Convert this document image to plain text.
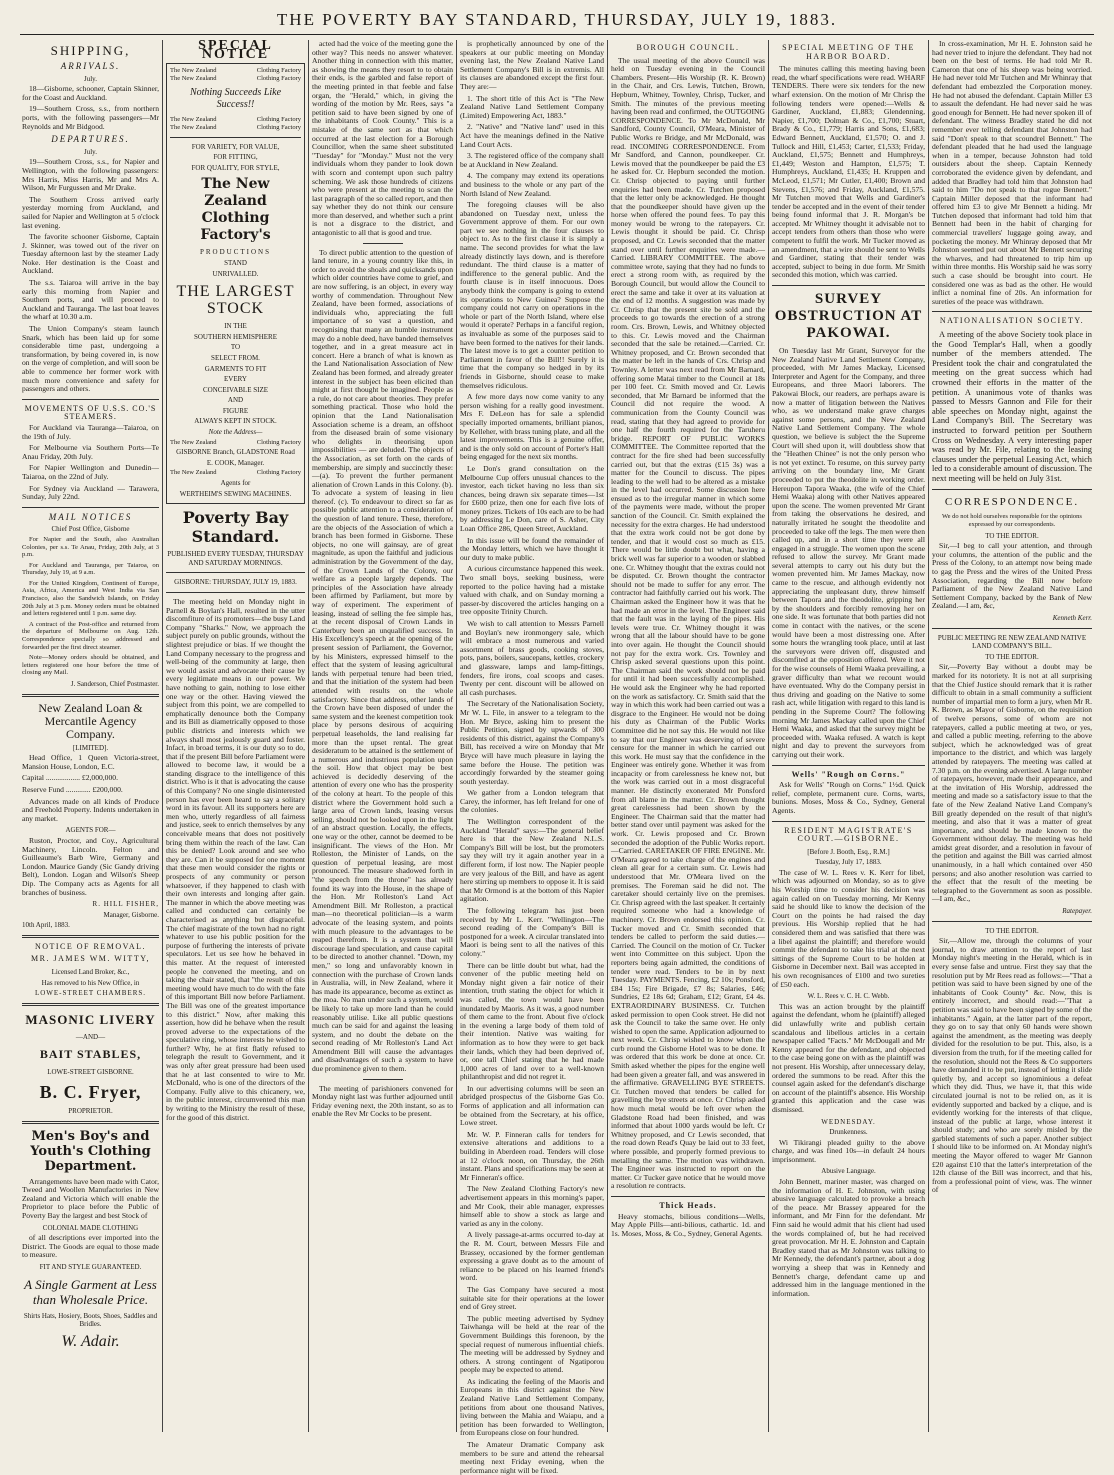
THE POVERTY BAY STANDARD, THURSDAY, JULY 19, 1883.
SHIPPING,
ARRIVALS.
July.

18—Gisborne, schooner, Captain Skinner, for the Coast and Auckland.

19—Southern Cross, s.s., from northern ports, with the following passengers—Mr Reynolds and Mr Bidgood.

DEPARTURES.
July.

19—Southern Cross, s.s., for Napier and Wellington, with the following passengers: Mrs Harris, Miss Harris, Mr and Mrs A. Wilson, Mr Furgussen and Mr Drake.

The Southern Cross arrived early yesterday morning from Auckland, and sailed for Napier and Wellington at 5 o'clock last evening.

The favorite schooner Gisborne, Captain J. Skinner, was towed out of the river on Tuesday afternoon last by the steamer Lady Noke. Her destination is the Coast and Auckland.

The s.s. Taiaroa will arrive in the bay early this morning from Napier and Southern ports, and will proceed to Auckland and Tauranga. The last boat leaves the wharf at 10.30 a.m.

The Union Company's steam launch Snark, which has been laid up for some considerable time past, undergoing a transformation, by being covered in, is now on the verge of completion, and will soon be able to commence her former work with much more convenience and safety for passengers and others.

MOVEMENTS OF U.S.S. CO.'S STEAMERS.

For Auckland via Tauranga—Taiaroa, on the 19th of July.

For Melbourne via Southern Ports—Te Anau Friday, 20th July.

For Napier Wellington and Dunedin—Taiaroa, on the 22nd of July.

For Sydney via Auckland — Tarawera, Sunday, July 22nd.

MAIL NOTICES
Chief Post Office, Gisborne

For Napier and the South, also Australian Colonies, per s.s. Te Anau, Friday, 20th July, at 3 p.m.

For Auckland and Tauranga, per Taiaroa, on Thursday, July 19, at 9 a.m.

For the United Kingdom, Continent of Europe, Asia, Africa, America and West India via San Francisco, also the Sandwich Islands, on Friday 20th July at 3 p.m. Money orders must be obtained and letters registered until 1 p.m. same day.

A contract of the Post-office and returned from the departure of Melbourne on Aug. 12th. Correspondence specially so addressed and forwarded per the first direct steamer.

Note—Money orders should be obtained, and letters registered one hour before the time of closing any Mail.

J. Sanderson, Chief Postmaster.
New Zealand Loan & Mercantile Agency Company.
[LIMITED].

Head Office, 1 Queen Victoria-street, Mansion House, London, E.C.

Capital .................. £2,000,000.

Reserve Fund ............. £200,000.

Advances made on all kinds of Produce and Freehold Property. Indents undertaken in any market.

AGENTS FOR—

Ruston, Proctor, and Coy., Agricultural Machinery, Lincoln. Felton and Guilleaume's Barb Wire, Germany and London. Maurice Gandy (Sic Gandy driving Belt), London. Logan and Wilson's Sheep Dip. The Company acts as Agents for all branches of business.

R. HILL FISHER,
Manager, Gisborne.
10th April, 1883.
NOTICE OF REMOVAL.
MR. JAMES WM. WITTY,
Licensed Land Broker, &c.,
Has removed to his New Office, in
LOWE-STREET CHAMBERS.
MASONIC LIVERY
—AND—
BAIT STABLES,
LOWE-STREET GISBORNE.
B. C. Fryer,
PROPRIETOR.
Men's Boy's and Youth's Clothing Department.

Arrangements have been made with Cator, Tweed and Woollen Manufactories in New Zealand and Victoria which will enable the Proprietor to place before the Public of Poverty Bay the largest and best Stock of

COLONIAL MADE CLOTHING

of all descriptions ever imported into the District. The Goods are equal to those made to measure.

FIT AND STYLE GUARANTEED.
A Single Garment at Less than Wholesale Price.
Shirts Hats, Hosiery, Boots, Shoes, Saddles and Bridles.
W. Adair.
SPECIAL NOTICE
The New Zealand	Clothing Factory
The New Zealand	Clothing Factory
Nothing Succeeds Like Success!!
The New Zealand	Clothing Factory
The New Zealand	Clothing Factory
FOR VARIETY, FOR VALUE,
FOR FITTING,
FOR QUALITY, FOR STYLE,
The New Zealand Clothing Factory's
PRODUCTIONS
STAND
UNRIVALLED.
THE LARGEST STOCK
IN THE
SOUTHERN HEMISPHERE
TO
SELECT FROM.
GARMENTS TO FIT
EVERY
CONCEIVABLE SIZE
AND
FIGURE
ALWAYS KEPT IN STOCK.
Note the Address—
The New Zealand	Clothing Factory
GISBORNE Branch, GLADSTONE Road
E. COOK, Manager.
The New Zealand	Clothing Factory
Agents for
WERTHEIM'S SEWING MACHINES.
Poverty Bay Standard.
PUBLISHED EVERY TUESDAY, THURSDAY AND SATURDAY MORNINGS.
GISBORNE: THURSDAY, JULY 19, 1883.

The meeting held on Monday night in Parnell & Boylan's Hall, resulted in the utter discomfiture of its promoters—the busy Land Company "Sharks." Now, we approach the subject purely on public grounds, without the slightest prejudice or bias. If we thought the Land Company necessary to the progress and well-being of the community at large, then we would assist and advocate their cause by every legitimate means in our power. We have nothing to gain, nothing to lose either one way or the other. Having viewed the subject from this point, we are compelled to emphatically denounce both the Company and its Bill as diametrically opposed to those public districts and interests which we always shall most jealously guard and foster. Infact, in broad terms, it is our duty so to do, that if the present Bill before Parliament were allowed to become law, it would be a standing disgrace to the intelligence of this district. Who is it that is advocating the cause of this Company? No one single disinterested person has ever been heard to say a solitary word in its favour. All its supporters here are men who, utterly regardless of all fairness and justice, seek to enrich themselves by any conceivable means that does not positively bring them within the reach of the law. Can this be denied? Look around and see who they are. Can it be supposed for one moment that these men would consider the rights or prospects of any community or person whatsoever, if they happened to clash with their own interests and longing after gain. The manner in which the above meeting was called and conducted can certainly be characterised as anything but disgraceful. The chief magistrate of the town had no right whatever to use his public position for the purpose of furthering the interests of private speculators. Let us see how he behaved in this matter. At the request of interested people he convened the meeting, and on taking the chair stated, that "the result of this meeting would have much to do with the fate of this important Bill now before Parliament. The Bill was one of the greatest importance to this district." Now, after making this assertion, how did he behave when the result proved adverse to the expectations of the speculative ring, whose interests he wished to further? Why, he at first flatly refused to telegraph the result to Government, and it was only after great pressure had been used that he at last consented to wire to Mr. McDonald, who is one of the directors of the Company. Fully alive to this chicanery, we, in the public interest, circumvented this man by writing to the Ministry the result of these, for the good of this district.

acted had the voice of the meeting gone the other way? This needs no answer whatever. Another thing in connection with this matter, as showing the means they resort to to obtain their ends, is the garbled and false report of the meeting printed in that feeble and false organ, the "Herald," which, in giving the wording of the motion by Mr. Rees, says "a petition said to have been signed by one of the inhabitants of Cook County." This is a mistake of the same sort as that which occurred at the last election for a Borough Councillor, when the same sheet substituted "Tuesday" for "Monday." Must not the very individuals whom they pander to look down with scorn and contempt upon such paltry scheming. We ask those hundreds of citizens who were present at the meeting to scan the last paragraph of the so called report, and then say whether they do not think our censure more than deserved, and whether such a print is not a disgrace to the district, and antagonistic to all that is good and true.

To direct public attention to the question of land tenure, in a young country like this, in order to avoid the shoals and quicksands upon which older countries have come to grief, and are now suffering, is an object, in every way worthy of commendation. Throughout New Zealand, have been formed, associations of individuals who, appreciating the full importance of so vast a question, and recognising that many an humble instrument may do a noble deed, have banded themselves together, and in a great measure act in concert. Here a branch of what is known as the Land Nationalisation Association of New Zealand has been formed, and already greater interest in the subject has been elicited than might at first thought be imagined. People as a rule, do not care about theories. They prefer something practical. Those who hold the opinion that the Land Nationalisation Association scheme is a dream, an offshoot from the diseased brain of some visionary who delights in theorising upon impossibilities — are deluded. The objects of the Association, as set forth on the cards of membership, are simply and succinctly these:—(a). To prevent the further permanent alienation of Crown Lands in this Colony. (b). To advocate a system of leasing in lieu thereof. (c). To endeavour to direct so far as possible public attention to a consideration of the question of land tenure. These, therefore, are the objects of the Association of which a branch has been formed in Gisborne. These objects, no one will gainsay, are of great magnitude, as upon the faithful and judicious administration by the Government of the day, of the Crown Lands of the Colony, our welfare as a people largely depends. The principles of the Association have already been affirmed by Parliament, but more by way of experiment. The experiment of leasing, instead of selling the fee simple has, at the recent disposal of Crown Lands in Canterbury been an unqualified success. In His Excellency's speech at the opening of the present session of Parliament, the Governor, by his Ministers, expressed himself to the effect that the system of leasing agricultural lands with perpetual tenure had been tried, and that the initiation of the system had been attended with results on the whole satisfactory. Since that address, other lands of the Crown have been disposed of under the same system and the keenest competition took place by persons desirous of acquiring perpetual leaseholds, the land realising far more than the upset rental. The great desideratum to be attained is the settlement of a numerous and industrious population upon the soil. How that object may be best achieved is decidedly deserving of the attention of every one who has the prosperity of the colony at heart. To the people of this district where the Government hold such a large area of Crown lands, leasing versus selling, should not be looked upon in the light of an abstract question. Locally, the effects, one way or the other, cannot be deemed to be insignificant. The views of the Hon. Mr Rolleston, the Minister of Lands, on the question of perpetual leasing, are most pronounced. The measure shadowed forth in "the speech from the throne" has already found its way into the House, in the shape of the Hon. Mr Rolleston's Land Act Amendment Bill. Mr Rolleston, a practical man—no theoretical politician—is a warm advocate of the leasing system, and points with much pleasure to the advantages to be reaped therefrom. It is a system that will discourage land speculation, and cause capital to be directed to another channel. "Down, my men," so long and unfavorably known in connection with the purchase of Crown lands in Australia, will, in New Zealand, where it has made its appearance, become as extinct as the moa. No man under such a system, would be likely to take up more land than he could reasonably utilise. Like all public questions much can be said for and against the leasing system, and no doubt the debate on the second reading of Mr Rolleston's Land Act Amendment Bill will cause the advantages and disadvantages of such a system to have due prominence given to them.

The meeting of parishioners convened for Monday night last was further adjourned until Friday evening next, the 20th instant, so as to enable the Rev Mr Cocks to be present.

is prophetically announced by one of the speakers at our public meeting on Monday evening last, the New Zealand Native Land Settlement Company's Bill is in extremis. All its clauses are abandoned except the first four. They are:—

1. The short title of this Act is "The New Zealand Native Land Settlement Company (Limited) Empowering Act, 1883."

2. "Native" and "Native land" used in this Act have the meanings defined in the Native Land Court Acts.

3. The registered office of the company shall be at Auckland in New Zealand.

4. The company may extend its operations and business to the whole or any part of the North Island of New Zealand.

The foregoing clauses will be also abandoned on Tuesday next, unless the Government approve of them. For our own part we see nothing in the four clauses to object to. As to the first clause it is simply a name. The second provides for what the law already distinctly lays down, and is therefore redundant. The third clause is a matter of indifference to the general public. And the fourth clause is in itself innocuous. Does anybody think the company is going to extend its operations to New Guinea? Suppose the company could not carry on operations in the whole or part of the North Island, where else would it operate? Perhaps in a fanciful region, as invaluable as some of the purposes said to have been formed to the natives for their lands. The latest move is to get a counter petition to Parliament in favor of the Bill!! Surely it is time that the company so hedged in by its friends in Gisborne, should cease to make themselves ridiculous.

A few more days now come vanity to any person wishing for a really good investment. Mrs F. DeLeon has for sale a splendid specially imported ornaments, brilliant pianos, by Kelleher, with brass tuning plate, and all the latest improvements. This is a genuine offer, and is the only sold on account of Porter's Hall being engaged for the next six months.

Le Don's grand consultation on the Melbourne Cup offers unusual chances to the investor, each ticket having no less than six chances, being drawn six separate times—1st for £600 prize, then one for each five lots of money prizes. Tickets of 10s each are to be had by addressing Le Don, care of S. Asher, City Loan Office 286, Queen Street, Auckland.

In this issue will be found the remainder of the Monday letters, which we have thought it our duty to make public.

A curious circumstance happened this week. Two small boys, seeking business, were reported to the police having had a mistake valued with chalk, and on Sunday morning a passer-by discovered the articles hanging on a tree opposite Trinity Church.

We wish to call attention to Messrs Parnell and Boylan's new ironmongery sale, which will embrace a most numerous and varied assortment of brass goods, cooking stoves, pots, pans, boilers, saucepans, kettles, crockery and glassware, lamps and lamp-fittings, fenders, fire irons, coal scoops and cases. Twenty per cent. discount will be allowed on all cash purchases.

The Secretary of the Nationalisation Society, Mr W. L. File, in answer to a telegram to the Hon. Mr Bryce, asking him to present the Public Petition, signed by upwards of 300 residents of this district, against the Company's Bill, has received a wire on Monday that Mr Bryce will have much pleasure in laying the same before the House. The petition was accordingly forwarded by the steamer going south yesterday.

We gather from a London telegram that Carey, the informer, has left Ireland for one of the colonies.

The Wellington correspondent of the Auckland "Herald" says:—The general belief here is that the New Zealand N.L.S. Company's Bill will be lost, but the promoters say they will try it again another year in a different form, if lost now. The Napier people are very jealous of the Bill, and have as agent here stirring up members to oppose it. It is said that Mr Ormond is at the bottom of this Napier agitation.

The following telegram has just been received by Mr L. Kerr. "Wellington—The second reading of the Company's Bill is postponed for a week. A circular translated into Maori is being sent to all the natives of this colony."

There can be little doubt but what, had the convener of the public meeting held on Monday night given a fair notice of their intention, truth stating the object for which it was called, the town would have been inundated by Maoris. As it was, a good number of them came to the front. About five o'clock in the evening a large body of them told of their intention. Native was waiting for information as to how they were to get back their lands, which they had been deprived of, or, one tall Chief stating that he had made 1,000 acres of land over to a well-known philanthropist and did not regret it.

In our advertising columns will be seen an abridged prospectus of the Gisborne Gas Co. Forms of application and all information can be obtained from the Secretary, at his office, Lowe street.

Mr. W. P. Finneran calls for tenders for extensive alterations and additions to a building in Aberdeen road. Tenders will close at 12 o'clock noon, on Thursday, the 26th instant. Plans and specifications may be seen at Mr Finneran's office.

The New Zealand Clothing Factory's new advertisement appears in this morning's paper, and Mr Cook, their able manager, expresses himself able to show a stock as large and varied as any in the colony.

A lively passage-at-arms occurred to-day at the R. M. Court, between Messrs File and Brassey, occasioned by the former gentleman expressing a grave doubt as to the amount of reliance to be placed on his learned friend's word.

The Gas Company have secured a most suitable site for their operations at the lower end of Grey street.

The public meeting advertised by Sydney Taiwhanga will be held at the rear of the Government Buildings this forenoon, by the special request of numerous influential chiefs. The meeting will be addressed by Sydney and others. A strong contingent of Ngatiporou people may be expected to attend.

As indicating the feeling of the Maoris and Europeans in this district against the New Zealand Native Land Settlement Company, petitions from about one thousand Natives, living between the Mahia and Waiapu, and a petition has been forwarded to Wellington, from Europeans close on four hundred.

The Amateur Dramatic Company ask members to be sure and attend the rehearsal meeting next Friday evening, when the performance night will be fixed.

BOROUGH COUNCIL.

The usual meeting of the above Council was held on Tuesday evening in the Council Chambers. Present—His Worship (R. K. Brown) in the Chair, and Crs. Lewis, Tutchen, Brown, Hepburn, Whitney, Townley, Chrisp, Tucker, and Smith. The minutes of the previous meeting having been read and confirmed, the OUTGOING CORRESPONDENCE. To Mr McDonald, Mr Sandford, County Council, O'Meara, Minister of Public Works re Bridge, and Mr McDonald, was read. INCOMING CORRESPONDENCE. From Mr Sandford, and Cannon, poundkeeper. Cr. Lewis moved that the poundkeeper be paid the £3 he asked for. Cr. Hepburn seconded the motion. Cr. Chrisp objected to paying until further enquiries had been made. Cr. Tutchen proposed that the letter only be acknowledged. He thought that the poundkeeper should have given up the horse when offered the pound fees. To pay this money would be wrong to the ratepayers. Cr. Lewis thought it should be paid. Cr. Chrisp proposed, and Cr. Lewis seconded that the matter stand over until further enquiries were made.—Carried. LIBRARY COMMITTEE. The above committee wrote, saying that they had no funds to erect a strong room with, as required by the Borough Council, but would allow the Council to erect the same and take it over at its valuation at the end of 12 months. A suggestion was made by Cr. Chrisp that the present site be sold and the proceeds to go towards the erection of a strong room. Crs. Brown, Lewis, and Whitney objected to this. Cr. Lewis moved and the Chairman seconded that the sale be retained.—Carried. Cr. Whitney proposed, and Cr. Brown seconded that the matter be left in the hands of Crs. Chrisp and Townley. A letter was next read from Mr Barnard, offering some Matai timber to the Council at 18s per 100 feet. Cr. Smith moved and Cr. Lewis seconded, that Mr Barnard be informed that the Council did not require the wood. A communication from the County Council was read, stating that they had agreed to provide for one half the fourth required for the Taruheru bridge. REPORT OF PUBLIC WORKS COMMITTEE. The Committee reported that the contract for the fire shed had been successfully carried out, but that the extras (£15 3s) was a matter for the Council to discuss. The pipes leading to the well had to be altered as a mistake in the level had occurred. Some discussion here ensued as to the irregular manner in which some of the payments were made, without the proper sanction of the Council. Cr. Smith explained the necessity for the extra charges. He had understood that the extra work could not be got done by tender, and that it would cost so much as £15. There would be little doubt but what, having a brick well was far superior to a wooden or slabbed one. Cr. Whitney thought that the extras could not be disputed. Cr. Brown thought the contractor should not be made to suffer for any error. The contractor had faithfully carried out his work. The Chairman asked the Engineer how it was that he had made an error in the level. The Engineer said that the fault was in the laying of the pipes. His levels were true. Cr. Whitney thought it was wrong that all the labour should have to be gone into over again. He thought the Council should not pay for the extra work. Crs. Townley and Chrisp asked several questions upon this point. The Chairman said the work should not be paid for until it had been successfully accomplished. He would ask the Engineer why he had reported on the work as satisfactory. Cr. Smith said that the way in which this work had been carried out was a disgrace to the Engineer. He would not be doing his duty as Chairman of the Public Works Committee did he not say this. He would not like to say that our Engineer was deserving of severe censure for the manner in which he carried out this work. He must say that the confidence in the Engineer was entirely gone. Whether it was from incapacity or from carelessness he knew not, but the work was carried out in a most disgraceful manner. He distinctly exonerated Mr Ponsford from all blame in the matter. Cr. Brown thought great carelessness had been shown by the Engineer. The Chairman said that the matter had better stand over until payment was asked for the work. Cr. Lewis proposed and Cr. Brown seconded the adoption of the Public Works report.—Carried. CARETAKER OF FIRE ENGINE. Mr. O'Meara agreed to take charge of the engines and clean all gear for a certain sum. Cr. Lewis had understood that Mr. O'Meara lived on the premises. The Foreman said he did not. The caretaker should certainly live on the premises. Cr. Chrisp agreed with the last speaker. It certainly required someone who had a knowledge of machinery. Cr. Brown endorsed this opinion. Cr. Tucker moved and Cr. Smith seconded that tenders be called to perform the said duties.—Carried. The Council on the motion of Cr. Tucker went into Committee on this subject. Upon the reporters being again admitted, the conditions of tender were read. Tenders to be in by next Tuesday. PAYMENTS. Fencing, £2 10s; Ponsford, £84 15s; Fire Brigade, £7 8s; Salaries, £46; Sundries, £2 18s 6d; Graham, £12; Grant, £4 4s. EXTRAORDINARY BUSINESS. Cr. Tutchen asked permission to open Cook street. He did not ask the Council to take the same over. He only wished to open the same. Application adjourned to next week. Cr. Chrisp wished to know when the curb round the Gisborne Hotel was to be done. It was ordered that this work be done at once. Cr. Smith asked whether the pipes for the engine well had been given a greater fall, and was answered in the affirmative. GRAVELLING BYE STREETS. Cr. Tutchen moved that tenders be called for gravelling the bye streets at once. Cr Chrisp asked how much metal would be left over when the Gladstone Road had been finished, and was informed that about 1000 yards would be left. Cr Whitney proposed, and Cr Lewis seconded, that the road down Read's Quay be laid out to 33 feet, where possible, and properly formed previous to metalling the same. The motion was withdrawn. The Engineer was instructed to report on the matter. Cr Tucker gave notice that he would move a resolution re contracts.

Thick Heads.

Heavy stomachs, bilious conditions—Wells, May Apple Pills—anti-bilious, cathartic. 1d. and 1s. Moses, Moss, & Co., Sydney, General Agents.

SPECIAL MEETING OF THE HARBOR BOARD.

The minutes calling this meeting having been read, the wharf specifications were read. WHARF TENDERS. There were six tenders for the new wharf extension. On the motion of Mr Chrisp the following tenders were opened:—Wells & Gardiner, Auckland, £1,883; Glendenning, Napier, £1,700; Dolman & Co., £1,700; Stuart, Brady & Co., £1,779; Harris and Sons, £1,683; Edward Bennett, Auckland, £1,570; O. and J. Tullock and Hill, £1,453; Carter, £1,533; Friday, Auckland, £1,575; Bennett and Humphreys, £1,449; Weston and Hampton, £1,575; T. Humphreys, Auckland, £1,435; H. Kruppen and McLeod, £1,571; Mr Cutler, £1,400; Brown and Stevens, £1,576; and Friday, Auckland, £1,575. Mr Tutchen moved that Wells and Gardiner's tender be accepted and in the event of their tender being found informal that J. R. Morgan's be accepted. Mr Whitney thought it advisable not to accept tenders from others than those who were competent to fulfil the work. Mr Tucker moved as an amendment, that a wire should be sent to Wells and Gardiner, stating that their tender was accepted, subject to being in due form. Mr Smith seconded this motion, which was carried.

SURVEY OBSTRUCTION AT PAKOWAI.

On Tuesday last Mr Grant, Surveyor for the New Zealand Native Land Settlement Company, proceeded, with Mr James Mackay, Licensed Interpreter and Agent for the Company, and three Europeans, and three Maori laborers. The Pakowai Block, our readers, are perhaps aware is now a matter of litigation between the Natives who, as we understand make grave charges against some persons, and the New Zealand Native Land Settlement Company. The whole question, we believe is subject the the Supreme Court will shed upon it, will doubtless show that the "Heathen Chinee" is not the only person who is not yet extinct. To resume, on this survey party arriving on the boundary line, Mr Grant proceeded to put the theodolite in working order. Hereupon Tapora Waaka, (the wife of the Chief Hemi Waaka) along with other Natives appeared upon the scene. The women prevented Mr Grant from taking the observations he desired, and naturally irritated he sought the theodolite and proceeded to take off the legs. The men were then called up, and in a short time they were all engaged in a struggle. The women upon the scene refused to allow the survey. Mr Grant made several attempts to carry out his duty but the women prevented him. Mr James Mackay, now came to the rescue, and although evidently not appreciating the unpleasant duty, threw himself between Tapora and the theodolite, gripping her by the shoulders and forcibly removing her on one side. It was fortunate that both parties did not come in contact with the natives, or the scene would have been a most distressing one. After some hours the wrangling took place, until at last the surveyors were driven off, disgusted and discomfited at the opposition offered. Were it not for the wise counsels of Hemi Waaka prevailing, a graver difficulty than what we recount would have eventuated. Why do the Company persist in thus driving and goading on the Native to some rash act, while litigation with regard to this land is pending in the Supreme Court? The following morning Mr James Mackay called upon the Chief Hemi Waaka, and asked that the survey might be proceeded with. Waaka refused. A watch is kept night and day to prevent the surveyors from carrying out their work.

Wells' "Rough on Corns."

Ask for Wells' "Rough on Corns." 1½d. Quick relief, complete, permanent cure. Corns, warts, bunions. Moses, Moss & Co., Sydney, General Agents.

RESIDENT MAGISTRATE'S COURT.—GISBORNE.
[Before J. Booth, Esq., R.M.]
Tuesday, July 17, 1883.

The case of W. L. Rees v. K. Kerr for libel, which was adjourned on Monday, so as to give his Worship time to consider his decision was again called on on Tuesday morning. Mr Kenny said he should like to know the decision of the Court on the points he had raised the day previous. His Worship replied that he had considered them and was satisfied that there was a libel against the plaintiff; and therefore would commit the defendant to take his trial at the next sittings of the Supreme Court to be holden at Gisborne in December next. Bail was accepted in his own recognisances of £100 and two sureties of £50 each.

W. L. Rees v. C. H. C. Webb.

This was an action brought by the plaintiff against the defendant, whom he (plaintiff) alleged did unlawfully write and publish certain scandalous and libellous articles in a certain newspaper called "Facts." Mr McDougall and Mr Kenny appeared for the defendant, and objected to the case being gone on with as the plaintiff was not present. His Worship, after unnecessary delay, ordered the summons to be read. After this the counsel again asked for the defendant's discharge on account of the plaintiff's absence. His Worship granted this application and the case was dismissed.

WEDNESDAY.
Drunkenness.

Wi Tikirangi pleaded guilty to the above charge, and was fined 10s—in default 24 hours imprisonment.

Abusive Language.

John Bennett, mariner master, was charged on the information of H. E. Johnston, with using abusive language calculated to provoke a breach of the peace. Mr Brassey appeared for the informant, and Mr Finn for the defendant. Mr Finn said he would admit that his client had used the words complained of, but he had received great provocation. Mr H. E. Johnston and Captain Bradley stated that as Mr Johnston was talking to Mr Kennedy, the defendant's partner, about a dog worrying a sheep that was in Kennedy and Bennett's charge, defendant came up and addressed him in the language mentioned in the information.

In cross-examination, Mr H. E. Johnston said he had never tried to injure the defendant. They had not been on the best of terms. He had told Mr R. Cameron that one of his sheep was being worried. He had never told Mr Tutchen and Mr Whinray that defendant had embezzled the Corporation money. He had not abused the defendant. Captain Miller £3 to assault the defendant. He had never said he was good enough for Bennett. He had never spoken ill of defendant. The witness Bradley stated he did not remember ever telling defendant that Johnston had said "Don't speak to that scoundrel Bennett." The defendant pleaded that he had used the language when in a temper, because Johnston had told outsiders about the sheep. Captain Kennedy corroborated the evidence given by defendant, and added that Bradley had told him that Johnston had said to him "Do not speak to that rogue Bennett." Captain Miller deposed that the informant had offered him £3 to give Mr Bennett a hiding. Mr Tutchen deposed that informant had told him that Bennett had been in the habit of charging for commercial travellers' luggage going away, and pocketing the money. Mr Whinray deposed that Mr Johnston seemed put out about Mr Bennett securing the wharves, and had threatened to trip him up within three months. His Worship said he was sorry such a case should be brought into court. He considered one was as bad as the other. He would inflict a nominal fine of 20s. An information for sureties of the peace was withdrawn.

NATIONALISATION SOCIETY.

A meeting of the above Society took place in the Good Templar's Hall, when a goodly number of the members attended. The President took the chair and congratulated the meeting on the great success which had crowned their efforts in the matter of the petition. A unanimous vote of thanks was passed to Messrs Gannon and File for their able speeches on Monday night, against the Land Company's Bill. The Secretary was instructed to forward petition per Southern Cross on Wednesday. A very interesting paper was read by Mr. File, relating to the leasing clauses under the perpetual Leasing Act, which led to a considerable amount of discussion. The next meeting will be held on July 31st.

CORRESPONDENCE.
We do not hold ourselves responsible for the opinions expressed by our correspondents.
TO THE EDITOR.

Sir,—I beg to call your attention, and through your columns, the attention of the public and the Press of the Colony, to an attempt now being made to gag the Press and the wires of the United Press Association, regarding the Bill now before Parliament of the New Zealand Native Land Settlement Company, backed by the Bank of New Zealand.—I am, &c,

Kenneth Kerr.
PUBLIC MEETING RE NEW ZEALAND NATIVE LAND COMPANY'S BILL.
TO THE EDITOR.

Sir,—Poverty Bay without a doubt may be marked for its notoriety. It is not at all surprising that the Chief Justice should remark that it is rather difficult to obtain in a small community a sufficient number of impartial men to form a jury, when Mr R. K. Brown, as Mayor of Gisborne, on the requisition of twelve persons, some of whom are not ratepayers, called a public meeting at two, or yes, and called a public meeting, referring to the above subject, which he acknowledged was of great importance to the district, and which was largely attended by ratepayers. The meeting was called at 7.30 p.m. on the evening advertised. A large number of ratepayers, however, made their appearance, and at the invitation of His Worship, addressed the meeting and made so a satisfactory issue to that the fate of the New Zealand Native Land Company's Bill greatly depended on the result of that night's meeting, and also that it was a matter of great importance, and should be made known to the Government without delay. The meeting was held amidst great disorder, and a resolution in favour of the petition and against the Bill was carried almost unanimously, in a hall which contained over 450 persons; and also another resolution was carried to the effect that the result of the meeting be telegraphed to the Government as soon as possible.—I am, &c.,

Ratepayer.
TO THE EDITOR.

Sir,—Allow me, through the columns of your journal, to draw attention to the report of last Monday night's meeting in the Herald, which is in every sense false and untrue. First they say that the resolution put by Mr Rees read as follows:—"That a petition was said to have been signed by one of the inhabitants of Cook County" &c. Now, this is entirely incorrect, and should read:—"That a petition was said to have been signed by some of the inhabitants." Again, at the latter part of the report, they go on to say that only 60 hands were shown against the amendment, as the meeting was deeply divided for the resolution to be put. This, also, is a diversion from the truth, for if the meeting called for the resolution, should not the Rees & Co supporters have demanded it to be put, instead of letting it slide quietly by, and accept so ignominious a defeat which they did. Thus, we have it, that this wide circulated journal is not to be relied on, as it is evidently supported and backed by a clique, and is evidently working for the interests of that clique, instead of the public at large, whose interest it should study; and who are sorely misled by the garbled statements of such a paper. Another subject I should like to be informed on. At Monday night's meeting the Mayor offered to wager Mr Gannon £20 against £10 that the latter's interpretation of the 12th clause of the Bill was incorrect, and that his, from a professional point of view, was. The winner of
